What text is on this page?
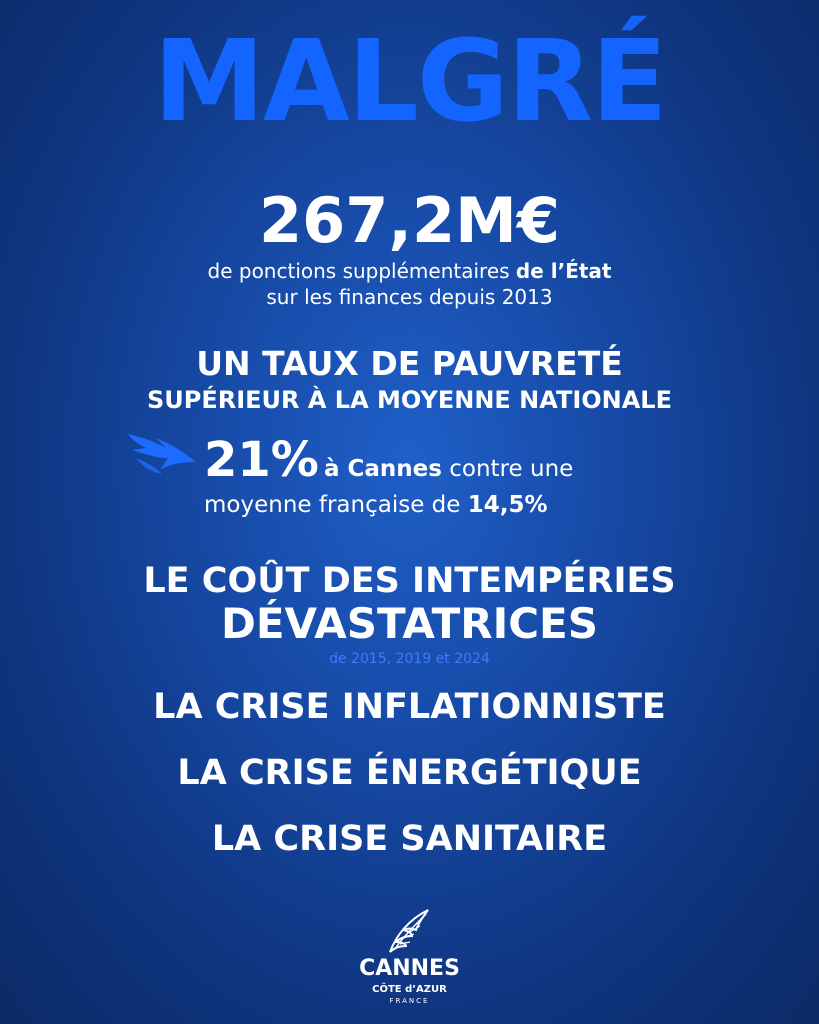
MALGRÉ
267,2M€
de ponctions supplémentaires de l’État
sur les finances depuis 2013
UN TAUX DE PAUVRETÉ
SUPÉRIEUR À LA MOYENNE NATIONALE
21% à Cannes contre une
moyenne française de 14,5%
LE COÛT DES INTEMPÉRIES
DÉVASTATRICES
de 2015, 2019 et 2024
LA CRISE INFLATIONNISTE
LA CRISE ÉNERGÉTIQUE
LA CRISE SANITAIRE
CANNES
CÔTE d’AZUR
FRANCE
